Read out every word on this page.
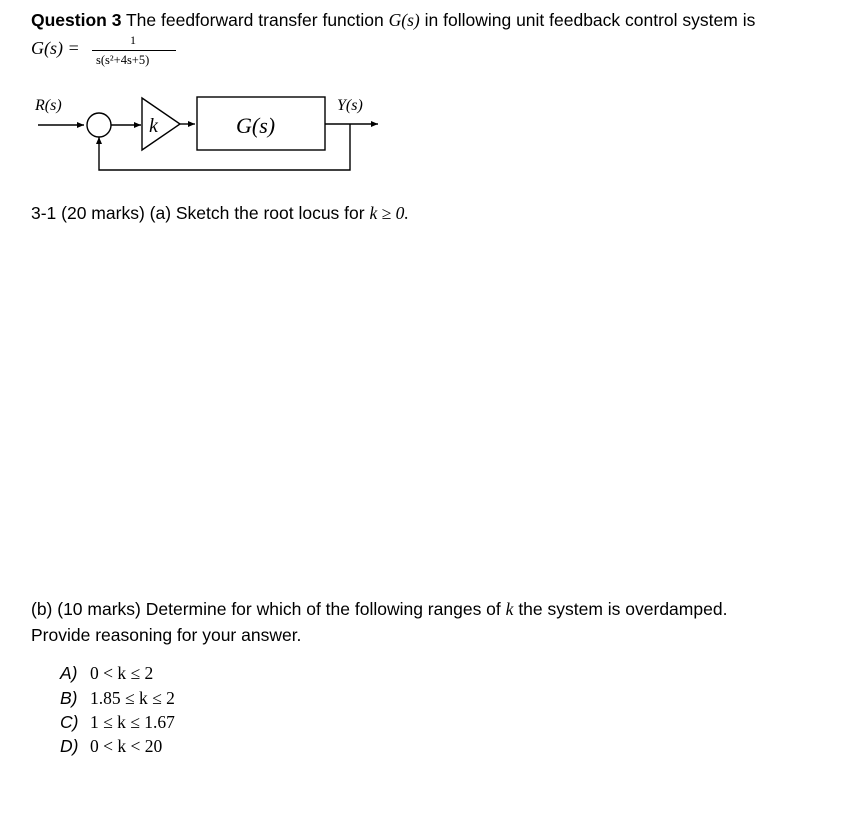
Question 3 The feedforward transfer function G(s) in following unit feedback control system is
G(s) =	1
s(s²+4s+5)
R(s)	Y(s)
k	G(s)
3-1 (20 marks) (a) Sketch the root locus for k ≥ 0.
(b) (10 marks) Determine for which of the following ranges of k the system is overdamped.
Provide reasoning for your answer.
A) 0 < k ≤ 2
B) 1.85 ≤ k ≤ 2
C) 1 ≤ k ≤ 1.67
D) 0 < k < 20
